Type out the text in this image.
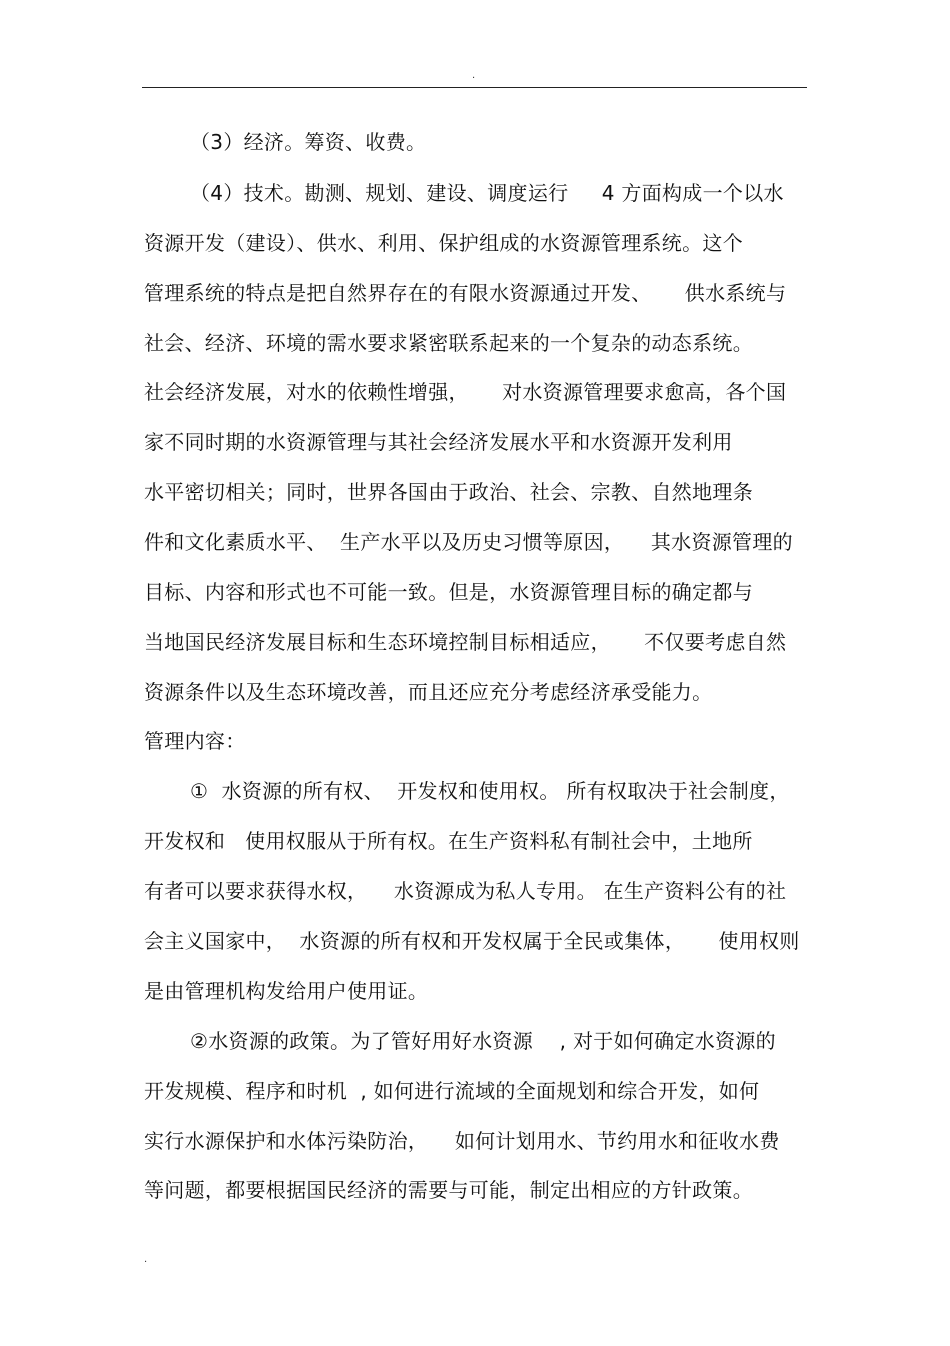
.
（3）经济。筹资、收费。
（4）技术。勘测、规划、建设、调度运行     4 方面构成一个以水
资源开发（建设）、供水、利用、保护组成的水资源管理系统。这个
管理系统的特点是把自然界存在的有限水资源通过开发、     供水系统与
社会、经济、环境的需水要求紧密联系起来的一个复杂的动态系统。
社会经济发展，对水的依赖性增强，     对水资源管理要求愈高，各个国
家不同时期的水资源管理与其社会经济发展水平和水资源开发利用
水平密切相关；同时，世界各国由于政治、社会、宗教、自然地理条
件和文化素质水平、  生产水平以及历史习惯等原因，    其水资源管理的
目标、内容和形式也不可能一致。但是，水资源管理目标的确定都与
当地国民经济发展目标和生态环境控制目标相适应，     不仅要考虑自然
资源条件以及生态环境改善，而且还应充分考虑经济承受能力。
管理内容：
①  水资源的所有权、  开发权和使用权。 所有权取决于社会制度，
开发权和   使用权服从于所有权。在生产资料私有制社会中，土地所
有者可以要求获得水权，    水资源成为私人专用。 在生产资料公有的社
会主义国家中，  水资源的所有权和开发权属于全民或集体，     使用权则
是由管理机构发给用户使用证。
②水资源的政策。为了管好用好水资源    , 对于如何确定水资源的
开发规模、程序和时机  , 如何进行流域的全面规划和综合开发，如何
实行水源保护和水体污染防治，    如何计划用水、节约用水和征收水费
等问题，都要根据国民经济的需要与可能，制定出相应的方针政策。
.
